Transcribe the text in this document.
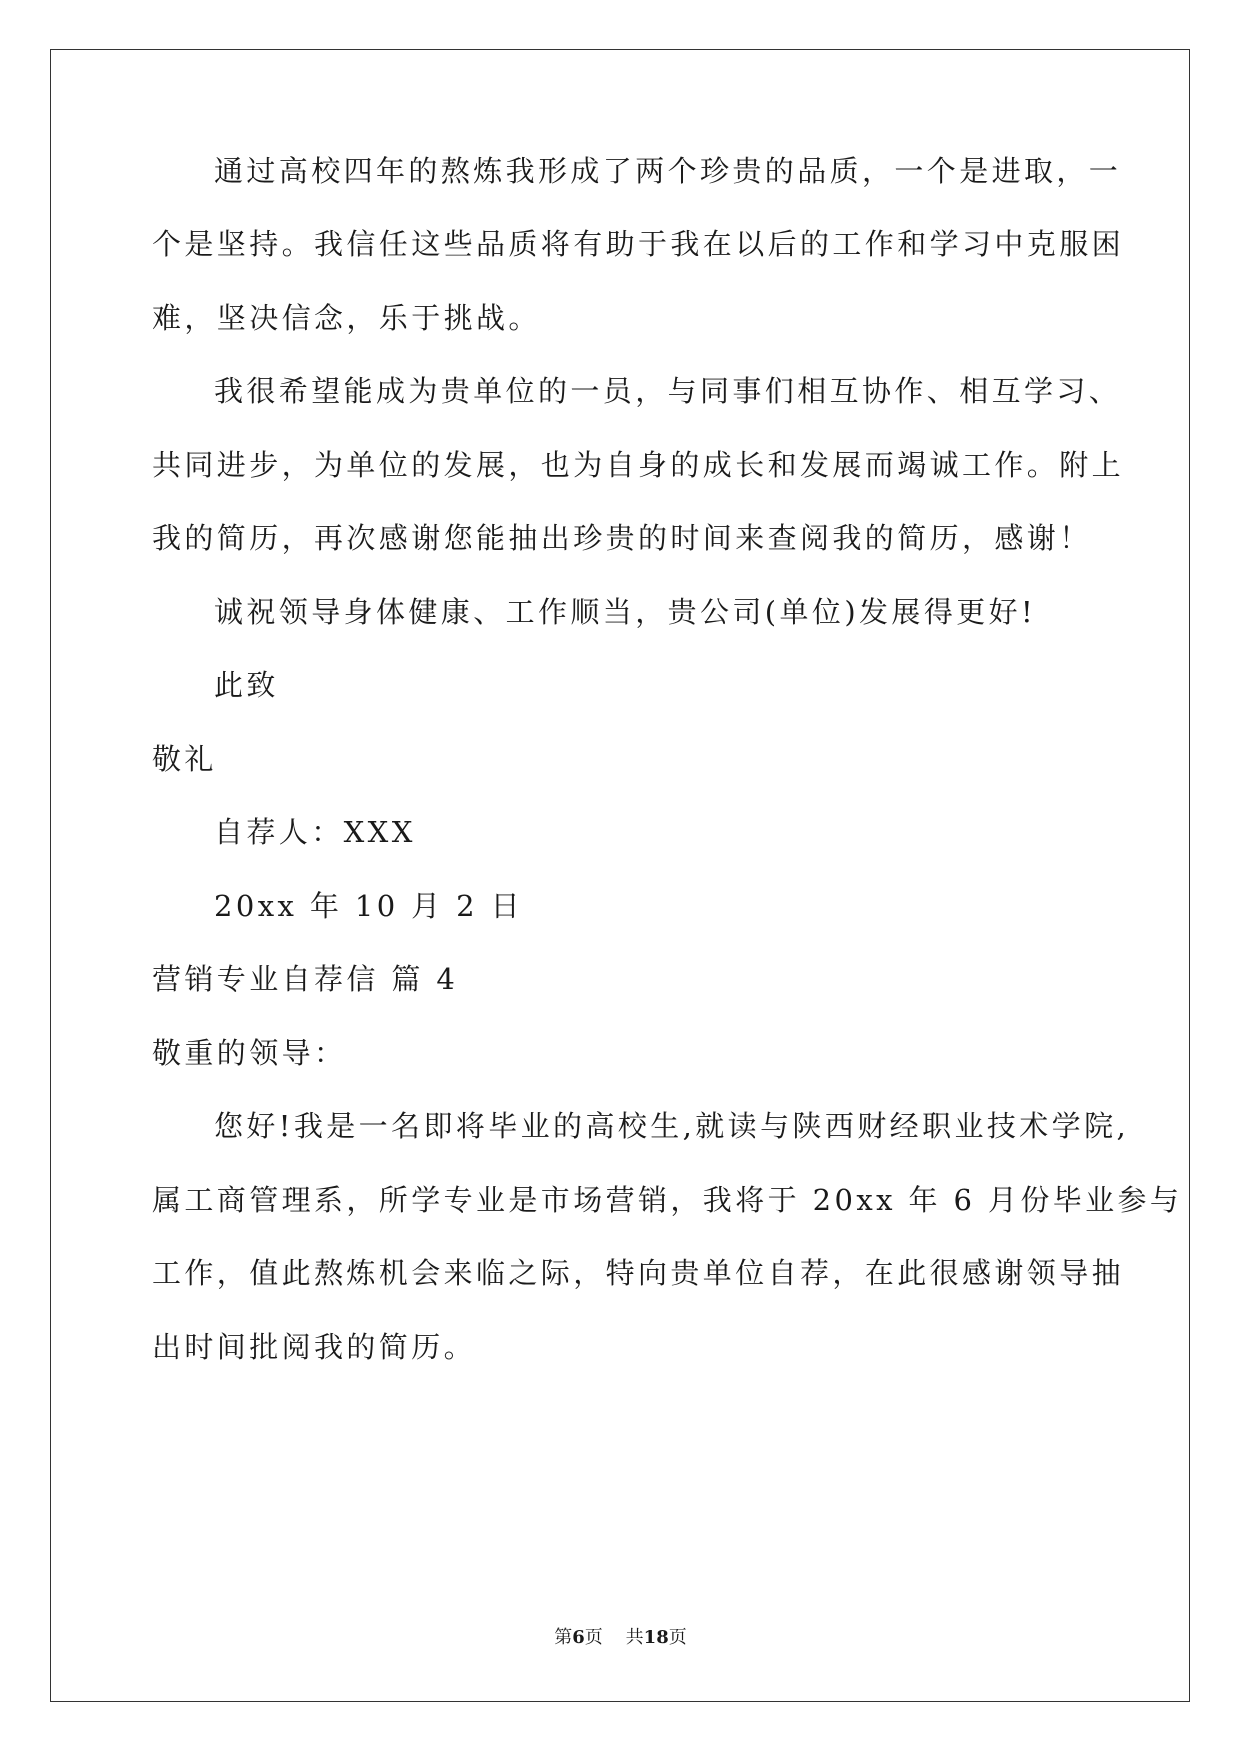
通过高校四年的熬炼我形成了两个珍贵的品质，一个是进取，一
个是坚持。我信任这些品质将有助于我在以后的工作和学习中克服困
难，坚决信念，乐于挑战。
我很希望能成为贵单位的一员，与同事们相互协作、相互学习、
共同进步，为单位的发展，也为自身的成长和发展而竭诚工作。附上
我的简历，再次感谢您能抽出珍贵的时间来查阅我的简历，感谢！
诚祝领导身体健康、工作顺当，贵公司(单位)发展得更好!
此致
敬礼
自荐人：XXX
20xx 年 10 月 2 日
营销专业自荐信 篇 4
敬重的领导：
您好!我是一名即将毕业的高校生,就读与陕西财经职业技术学院,
属工商管理系，所学专业是市场营销，我将于 20xx 年 6 月份毕业参与
工作，值此熬炼机会来临之际，特向贵单位自荐，在此很感谢领导抽
出时间批阅我的简历。
第6页 共18页
